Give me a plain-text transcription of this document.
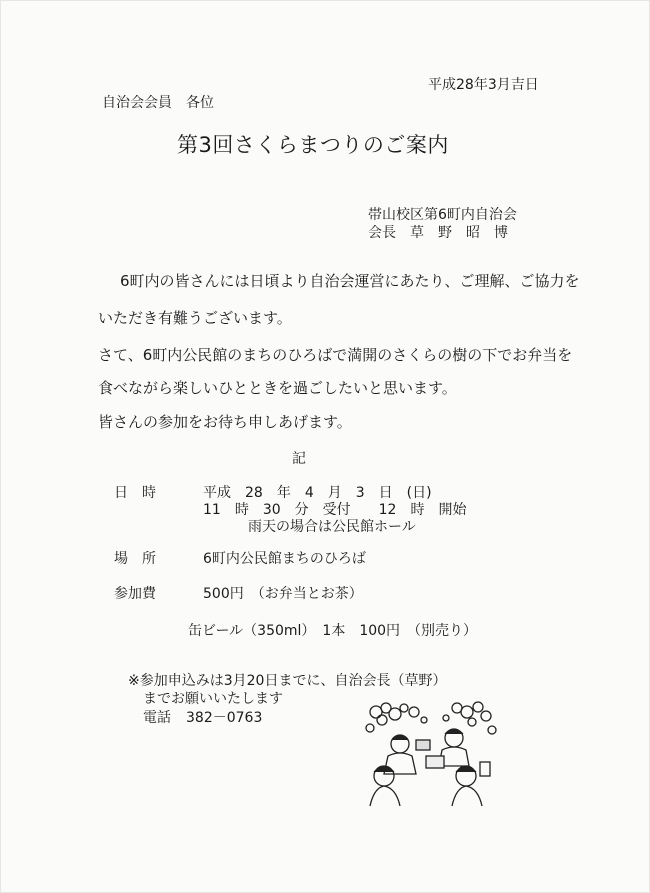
平成28年3月吉日
自治会会員　各位
第3回さくらまつりのご案内
帯山校区第6町内自治会
会長　草　野　昭　博
6町内の皆さんには日頃より自治会運営にあたり、ご理解、ご協力を
いただき有難うございます。
さて、6町内公民館のまちのひろばで満開のさくらの樹の下でお弁当を
食べながら楽しいひとときを過ごしたいと思います。
皆さんの参加をお待ち申しあげます。
記
日　時	平成　28　年　4　月　3　日　(日)
11　時　30　分　受付　　12　時　開始
雨天の場合は公民館ホール
場　所	6町内公民館まちのひろば
参加費	500円　（お弁当とお茶）
缶ビール（350ml）　1本　100円　（別売り）
※参加申込みは3月20日までに、自治会長（草野）
までお願いいたします
電話 382－0763
